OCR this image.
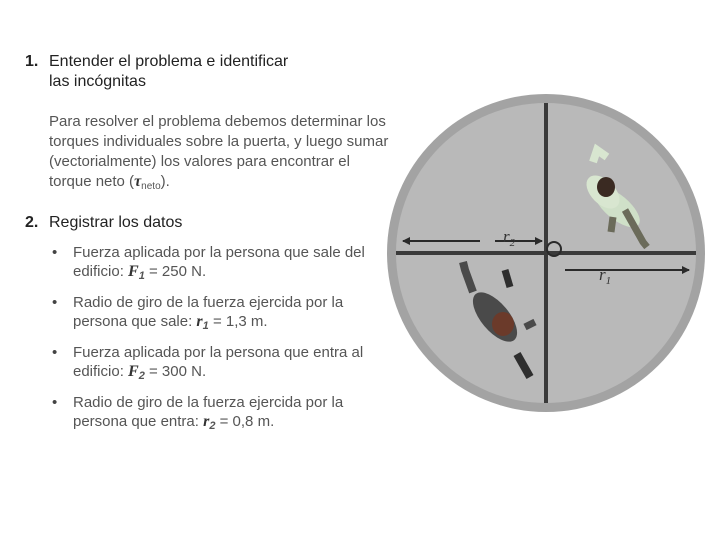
1. Entender el problema e identificar
las incógnitas

Para resolver el problema debemos determinar los torques individuales sobre la puerta, y luego sumar (vectorialmente) los valores para encontrar el torque neto $(\tau_{neto})$.

2. Registrar los datos
• Fuerza aplicada por la persona que sale del edificio: $F_1 = 250$ N.
• Radio de giro de la fuerza ejercida por la persona que sale: $r_1 = 1,3$ m.
• Fuerza aplicada por la persona que entra al edificio: $F_2 = 300$ N.
• Radio de giro de la fuerza ejercida por la persona que entra: $r_2 = 0,8$ m.
$r_2$
$r_1$
